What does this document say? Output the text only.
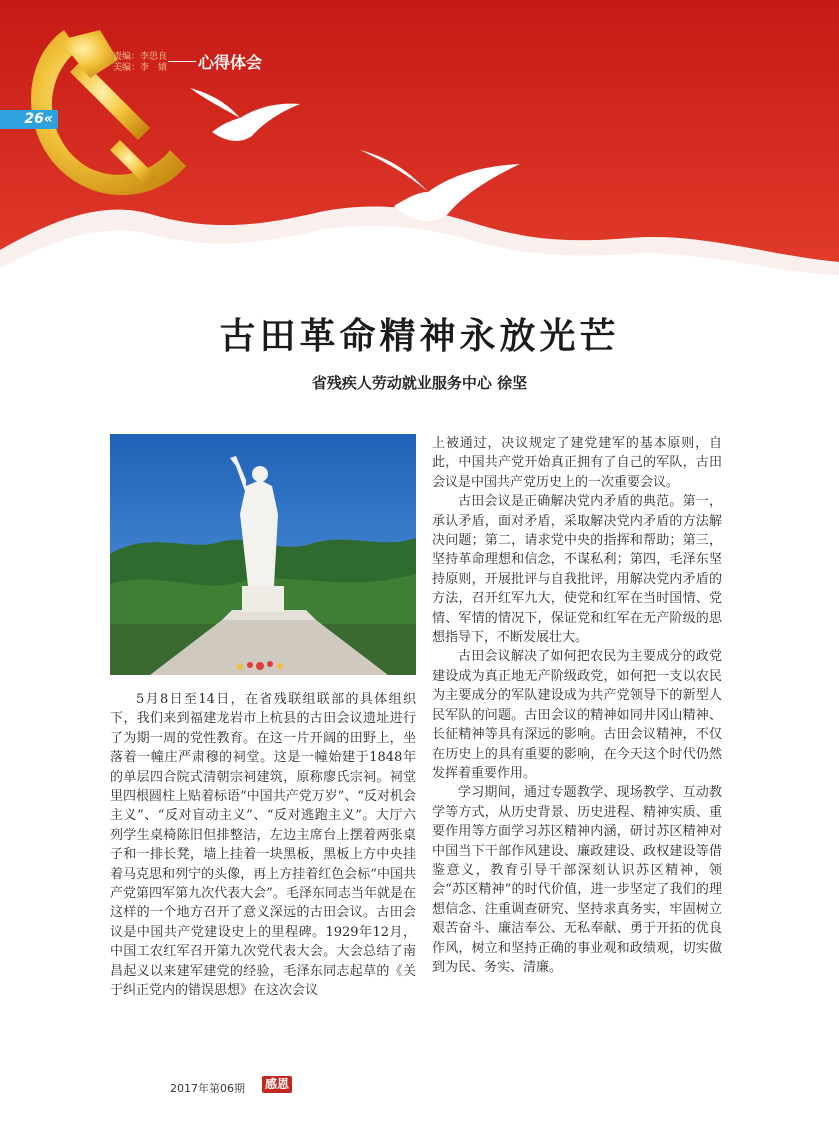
责编：李思良
美编：李　婧 心得体会
26«
古田革命精神永放光芒
省残疾人劳动就业服务中心 徐坚

5月8日至14日，在省残联组联部的具体组织下，我们来到福建龙岩市上杭县的古田会议遗址进行了为期一周的党性教育。在这一片开阔的田野上，坐落着一幢庄严肃穆的祠堂。这是一幢始建于1848年的单层四合院式清朝宗祠建筑，原称廖氏宗祠。祠堂里四根圆柱上贴着标语“中国共产党万岁”、“反对机会主义”、“反对盲动主义”、“反对逃跑主义”。大厅六列学生桌椅陈旧但排整洁，左边主席台上摆着两张桌子和一排长凳，墙上挂着一块黑板，黑板上方中央挂着马克思和列宁的头像，再上方挂着红色会标“中国共产党第四军第九次代表大会”。毛泽东同志当年就是在这样的一个地方召开了意义深远的古田会议。古田会议是中国共产党建设史上的里程碑。1929年12月，中国工农红军召开第九次党代表大会。大会总结了南昌起义以来建军建党的经验，毛泽东同志起草的《关于纠正党内的错误思想》在这次会议

上被通过，决议规定了建党建军的基本原则，自此，中国共产党开始真正拥有了自己的军队，古田会议是中国共产党历史上的一次重要会议。

古田会议是正确解决党内矛盾的典范。第一，承认矛盾，面对矛盾，采取解决党内矛盾的方法解决问题；第二，请求党中央的指挥和帮助；第三，坚持革命理想和信念，不谋私利；第四，毛泽东坚持原则，开展批评与自我批评，用解决党内矛盾的方法，召开红军九大，使党和红军在当时国情、党情、军情的情况下，保证党和红军在无产阶级的思想指导下，不断发展壮大。

古田会议解决了如何把农民为主要成分的政党建设成为真正地无产阶级政党，如何把一支以农民为主要成分的军队建设成为共产党领导下的新型人民军队的问题。古田会议的精神如同井冈山精神、长征精神等具有深远的影响。古田会议精神，不仅在历史上的具有重要的影响，在今天这个时代仍然发挥着重要作用。

学习期间，通过专题教学、现场教学、互动教学等方式，从历史背景、历史进程、精神实质、重要作用等方面学习苏区精神内涵，研讨苏区精神对中国当下干部作风建设、廉政建设、政权建设等借鉴意义，教育引导干部深刻认识苏区精神，领会“苏区精神”的时代价值，进一步坚定了我们的理想信念、注重调查研究、坚持求真务实，牢固树立艰苦奋斗、廉洁奉公、无私奉献、勇于开拓的优良作风，树立和坚持正确的事业观和政绩观，切实做到为民、务实、清廉。

2017年第06期 感恩
